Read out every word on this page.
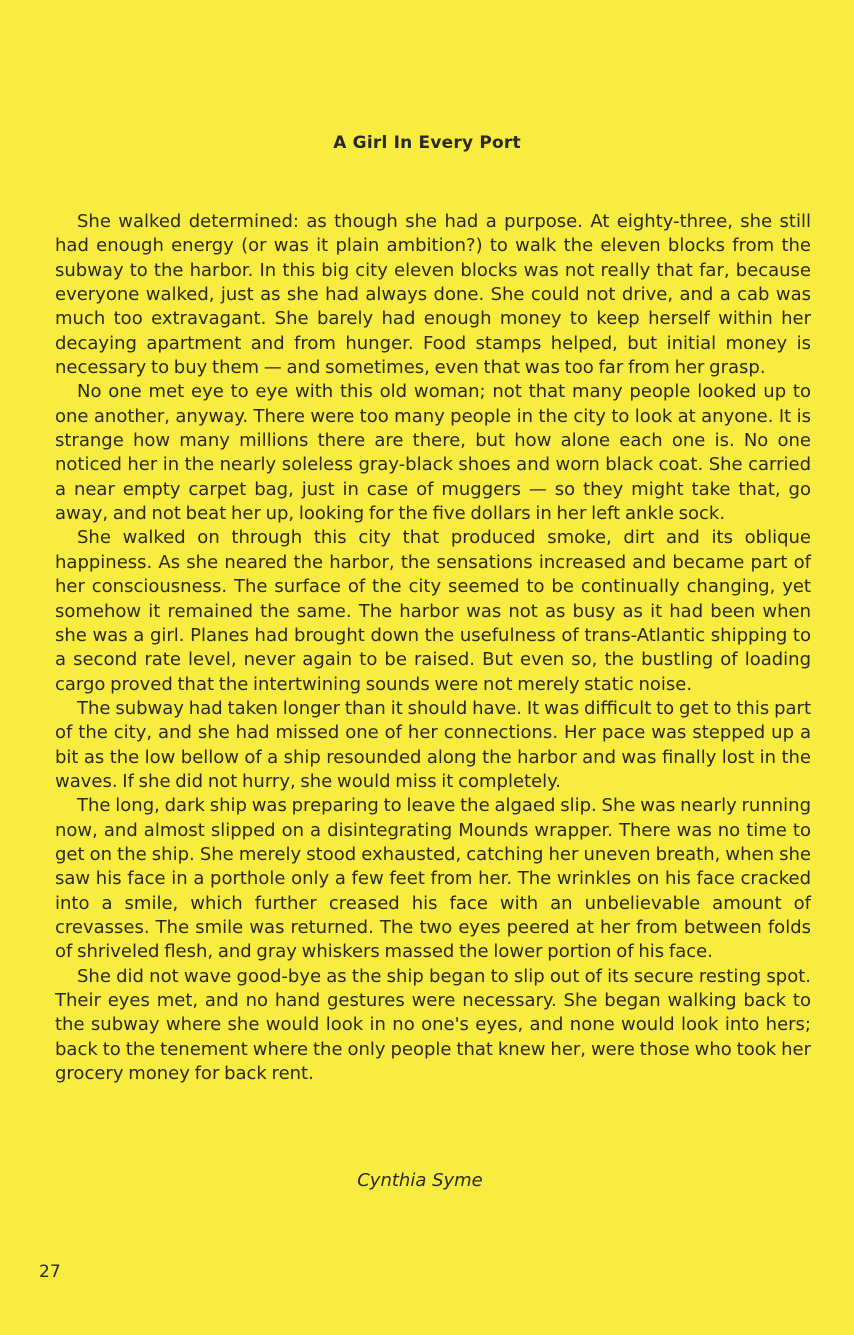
A Girl In Every Port

She walked determined: as though she had a purpose. At eighty-three, she still had enough energy (or was it plain ambition?) to walk the eleven blocks from the subway to the harbor. In this big city eleven blocks was not really that far, because everyone walked, just as she had always done. She could not drive, and a cab was much too extravagant. She barely had enough money to keep herself within her decaying apartment and from hunger. Food stamps helped, but initial money is necessary to buy them — and sometimes, even that was too far from her grasp.

No one met eye to eye with this old woman; not that many people looked up to one another, anyway. There were too many people in the city to look at anyone. It is strange how many millions there are there, but how alone each one is. No one noticed her in the nearly soleless gray-black shoes and worn black coat. She carried a near empty carpet bag, just in case of muggers — so they might take that, go away, and not beat her up, looking for the five dollars in her left ankle sock.

She walked on through this city that produced smoke, dirt and its oblique happiness. As she neared the harbor, the sensations increased and became part of her consciousness. The surface of the city seemed to be continually changing, yet somehow it remained the same. The harbor was not as busy as it had been when she was a girl. Planes had brought down the usefulness of trans-Atlantic shipping to a second rate level, never again to be raised. But even so, the bustling of loading cargo proved that the intertwining sounds were not merely static noise.

The subway had taken longer than it should have. It was difficult to get to this part of the city, and she had missed one of her connections. Her pace was stepped up a bit as the low bellow of a ship resounded along the harbor and was finally lost in the waves. If she did not hurry, she would miss it completely.

The long, dark ship was preparing to leave the algaed slip. She was nearly running now, and almost slipped on a disintegrating Mounds wrapper. There was no time to get on the ship. She merely stood exhausted, catching her uneven breath, when she saw his face in a porthole only a few feet from her. The wrinkles on his face cracked into a smile, which further creased his face with an unbelievable amount of crevasses. The smile was returned. The two eyes peered at her from between folds of shriveled flesh, and gray whiskers massed the lower portion of his face.

She did not wave good-bye as the ship began to slip out of its secure resting spot. Their eyes met, and no hand gestures were necessary. She began walking back to the subway where she would look in no one's eyes, and none would look into hers; back to the tenement where the only people that knew her, were those who took her grocery money for back rent.

Cynthia Syme
27
